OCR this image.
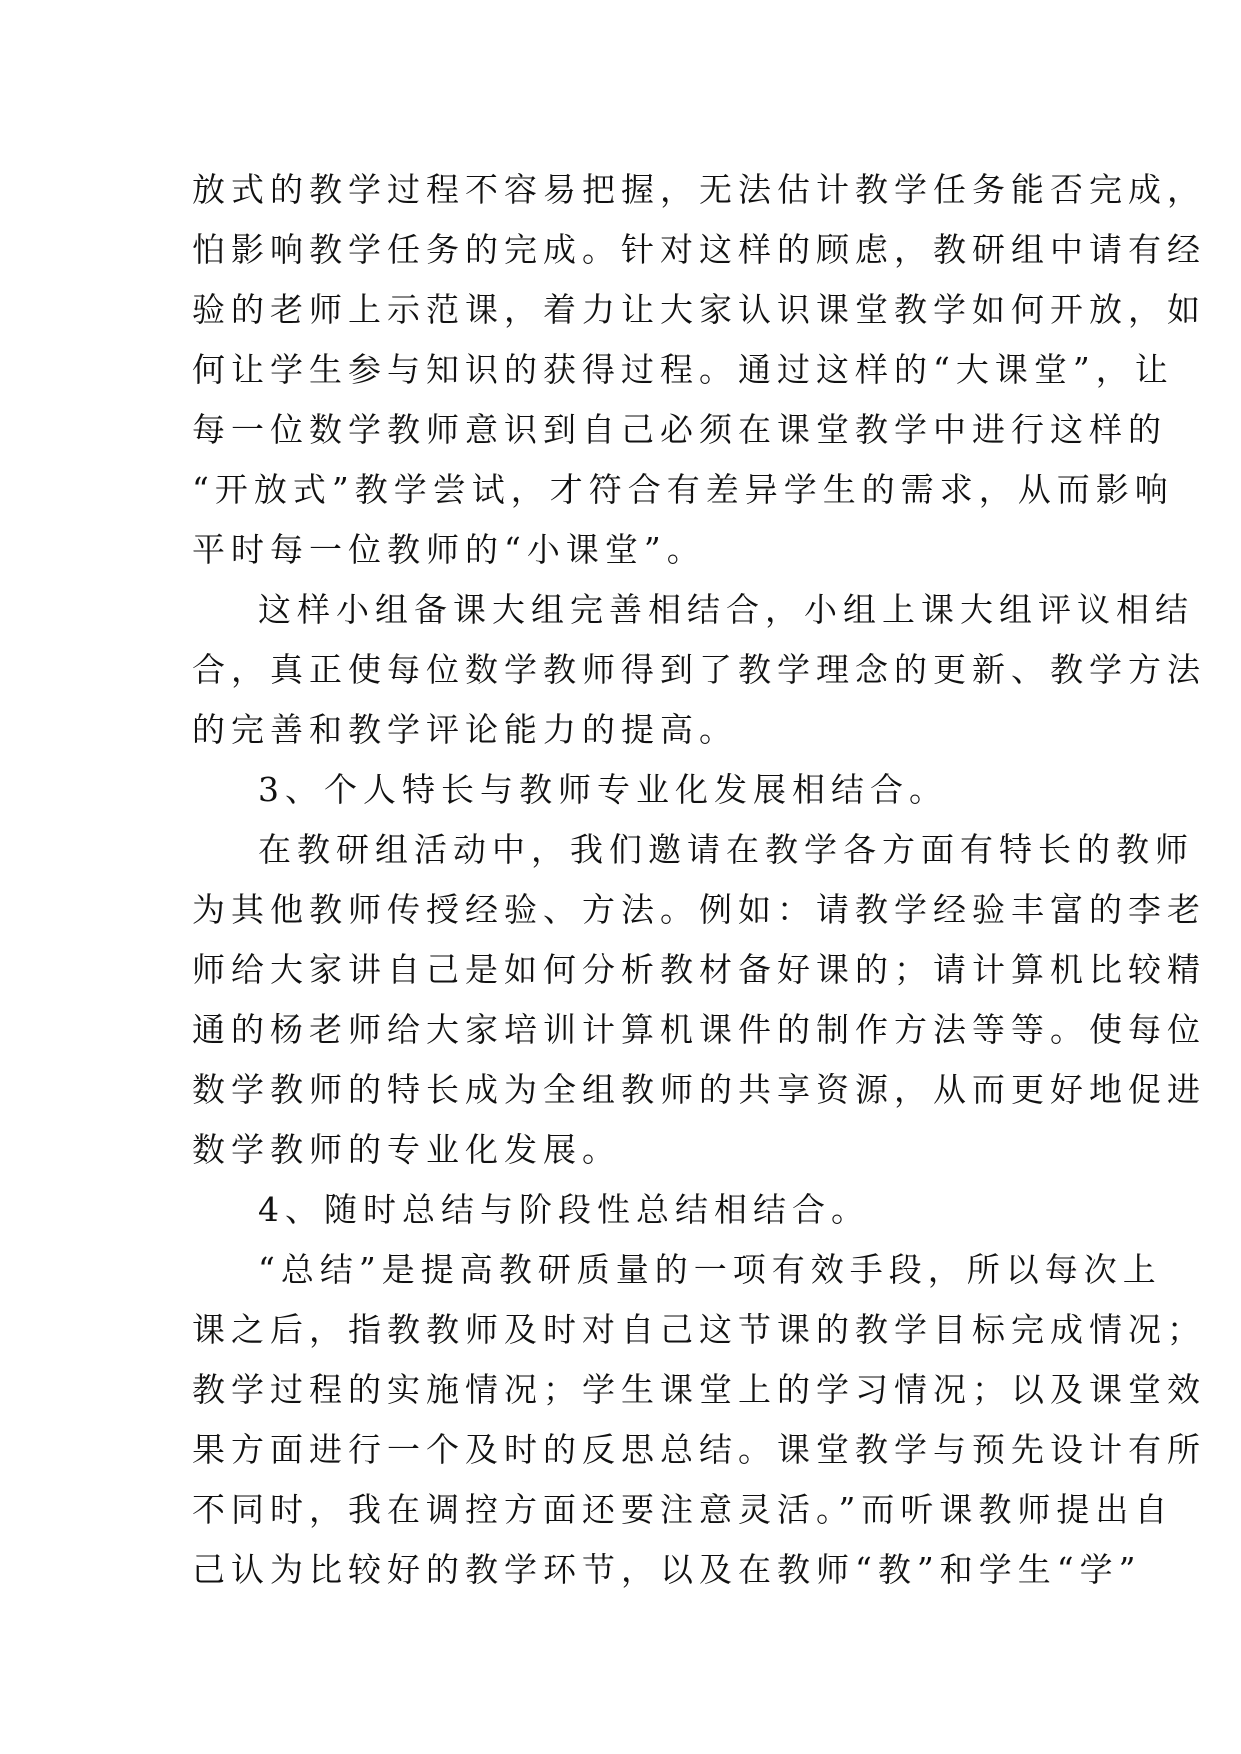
放式的教学过程不容易把握，无法估计教学任务能否完成，
怕影响教学任务的完成。针对这样的顾虑，教研组中请有经
验的老师上示范课，着力让大家认识课堂教学如何开放，如
何让学生参与知识的获得过程。通过这样的“大课堂”，让
每一位数学教师意识到自己必须在课堂教学中进行这样的
“开放式”教学尝试，才符合有差异学生的需求，从而影响
平时每一位教师的“小课堂”。
这样小组备课大组完善相结合，小组上课大组评议相结
合，真正使每位数学教师得到了教学理念的更新、教学方法
的完善和教学评论能力的提高。
3、个人特长与教师专业化发展相结合。
在教研组活动中，我们邀请在教学各方面有特长的教师
为其他教师传授经验、方法。例如：请教学经验丰富的李老
师给大家讲自己是如何分析教材备好课的；请计算机比较精
通的杨老师给大家培训计算机课件的制作方法等等。使每位
数学教师的特长成为全组教师的共享资源，从而更好地促进
数学教师的专业化发展。
4、随时总结与阶段性总结相结合。
“总结”是提高教研质量的一项有效手段，所以每次上
课之后，指教教师及时对自己这节课的教学目标完成情况；
教学过程的实施情况；学生课堂上的学习情况；以及课堂效
果方面进行一个及时的反思总结。课堂教学与预先设计有所
不同时，我在调控方面还要注意灵活。”而听课教师提出自
己认为比较好的教学环节，以及在教师“教”和学生“学”
